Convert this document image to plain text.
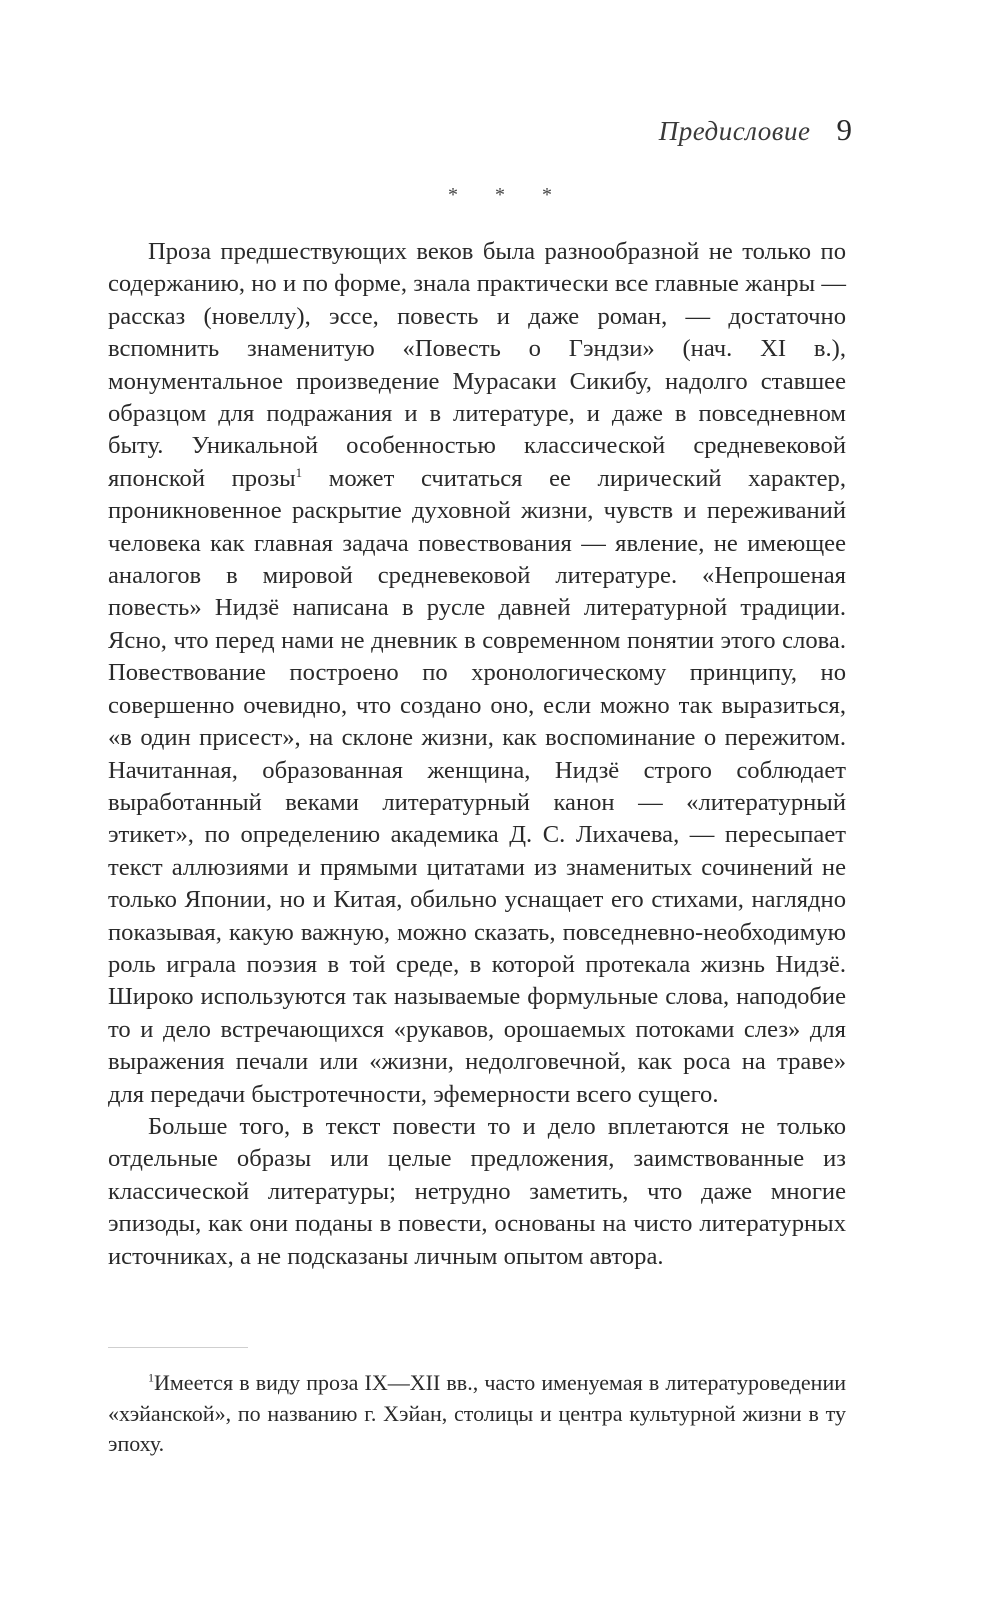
Предисловие 9
* * *

Проза предшествующих веков была разнообразной не только по содержанию, но и по форме, знала практически все главные жанры — рассказ (новеллу), эссе, повесть и даже роман, — достаточно вспомнить знаменитую «Повесть о Гэндзи» (нач. XI в.), монументальное произведение Мурасаки Сикибу, надолго ставшее образцом для подражания и в литературе, и даже в повседневном быту. Уникальной особенностью классической средневековой японской прозы$^1$ может считаться ее лирический характер, проникновенное раскрытие духовной жизни, чувств и переживаний человека как главная задача повествования — явление, не имеющее аналогов в мировой средневековой литературе. «Непрошеная повесть» Нидзё написана в русле давней литературной традиции. Ясно, что перед нами не дневник в современном понятии этого слова. Повествование построено по хронологическому принципу, но совершенно очевидно, что создано оно, если можно так выразиться, «в один присест», на склоне жизни, как воспоминание о пережитом. Начитанная, образованная женщина, Нидзё строго соблюдает выработанный веками литературный канон — «литературный этикет», по определению академика Д. С. Лихачева, — пересыпает текст аллюзиями и прямыми цитатами из знаменитых сочинений не только Японии, но и Китая, обильно уснащает его стихами, наглядно показывая, какую важную, можно сказать, повседневно-необходимую роль играла поэзия в той среде, в которой протекала жизнь Нидзё. Широко используются так называемые формульные слова, наподобие то и дело встречающихся «рукавов, орошаемых потоками слез» для выражения печали или «жизни, недолговечной, как роса на траве» для передачи быстротечности, эфемерности всего сущего.

Больше того, в текст повести то и дело вплетаются не только отдельные образы или целые предложения, заимствованные из классической литературы; нетрудно заметить, что даже многие эпизоды, как они поданы в повести, основаны на чисто литературных источниках, а не подсказаны личным опытом автора.

$^1$Имеется в виду проза IX—XII вв., часто именуемая в литературоведении «хэйанской», по названию г. Хэйан, столицы и центра культурной жизни в ту эпоху.
